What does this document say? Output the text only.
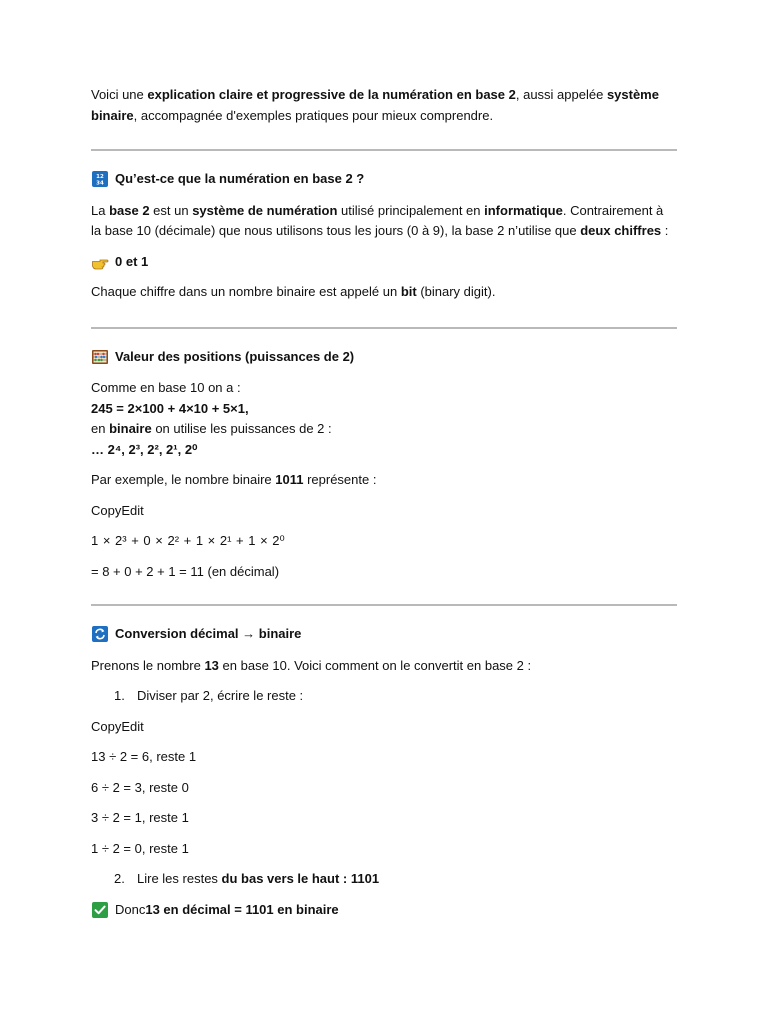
Voici une explication claire et progressive de la numération en base 2, aussi appelée système binaire, accompagnée d'exemples pratiques pour mieux comprendre.

12
34 Qu’est-ce que la numération en base 2 ?

La base 2 est un système de numération utilisé principalement en informatique. Contrairement à la base 10 (décimale) que nous utilisons tous les jours (0 à 9), la base 2 n’utilise que deux chiffres :

0 et 1

Chaque chiffre dans un nombre binaire est appelé un bit (binary digit).

Valeur des positions (puissances de 2)

Comme en base 10 on a :

245 = 2×100 + 4×10 + 5×1,

en binaire on utilise les puissances de 2 :

… 2⁴, 2³, 2², 2¹, 2⁰

Par exemple, le nombre binaire 1011 représente :

CopyEdit

1 × 2³ + 0 × 2² + 1 × 2¹ + 1 × 2⁰

= 8 + 0 + 2 + 1 = 11 (en décimal)

Conversion décimal → binaire

Prenons le nombre 13 en base 10. Voici comment on le convertit en base 2 :

1. Diviser par 2, écrire le reste :

CopyEdit

13 ÷ 2 = 6, reste 1

6 ÷ 2 = 3, reste 0

3 ÷ 2 = 1, reste 1

1 ÷ 2 = 0, reste 1

2. Lire les restes du bas vers le haut : 1101

Donc 13 en décimal = 1101 en binaire
